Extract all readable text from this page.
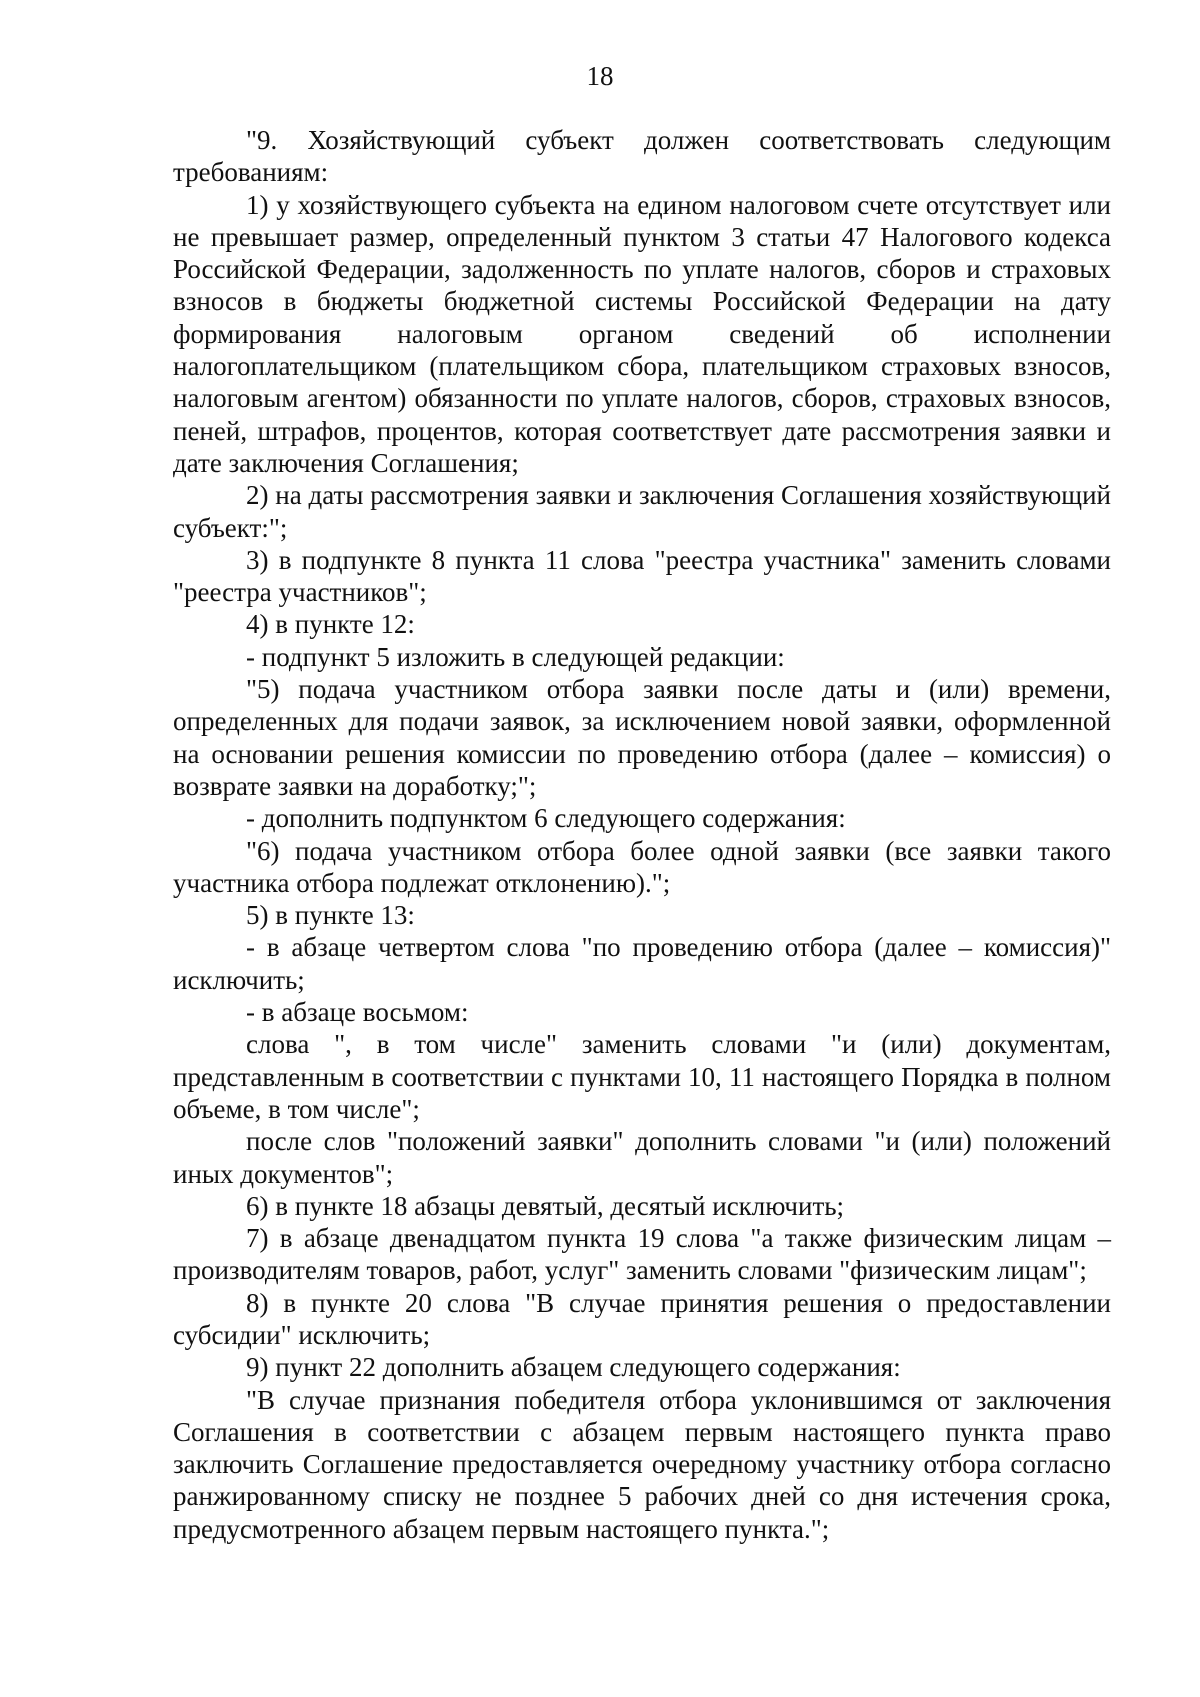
18

"9. Хозяйствующий субъект должен соответствовать следующим требованиям:

1) у хозяйствующего субъекта на едином налоговом счете отсутствует или не превышает размер, определенный пунктом 3 статьи 47 Налогового кодекса Российской Федерации, задолженность по уплате налогов, сборов и страховых взносов в бюджеты бюджетной системы Российской Федерации на дату формирования налоговым органом сведений об исполнении налогоплательщиком (плательщиком сбора, плательщиком страховых взносов, налоговым агентом) обязанности по уплате налогов, сборов, страховых взносов, пеней, штрафов, процентов, которая соответствует дате рассмотрения заявки и дате заключения Соглашения;

2) на даты рассмотрения заявки и заключения Соглашения хозяйствующий субъект:";

3) в подпункте 8 пункта 11 слова "реестра участника" заменить словами "реестра участников";

4) в пункте 12:

- подпункт 5 изложить в следующей редакции:

"5) подача участником отбора заявки после даты и (или) времени, определенных для подачи заявок, за исключением новой заявки, оформленной на основании решения комиссии по проведению отбора (далее – комиссия) о возврате заявки на доработку;";

- дополнить подпунктом 6 следующего содержания:

"6) подача участником отбора более одной заявки (все заявки такого участника отбора подлежат отклонению).";

5) в пункте 13:

- в абзаце четвертом слова "по проведению отбора (далее – комиссия)" исключить;

- в абзаце восьмом:

слова ", в том числе" заменить словами "и (или) документам, представленным в соответствии с пунктами 10, 11 настоящего Порядка в полном объеме, в том числе";

после слов "положений заявки" дополнить словами "и (или) положений иных документов";

6) в пункте 18 абзацы девятый, десятый исключить;

7) в абзаце двенадцатом пункта 19 слова "а также физическим лицам – производителям товаров, работ, услуг" заменить словами "физическим лицам";

8) в пункте 20 слова "В случае принятия решения о предоставлении субсидии" исключить;

9) пункт 22 дополнить абзацем следующего содержания:

"В случае признания победителя отбора уклонившимся от заключения Соглашения в соответствии с абзацем первым настоящего пункта право заключить Соглашение предоставляется очередному участнику отбора согласно ранжированному списку не позднее 5 рабочих дней со дня истечения срока, предусмотренного абзацем первым настоящего пункта.";
